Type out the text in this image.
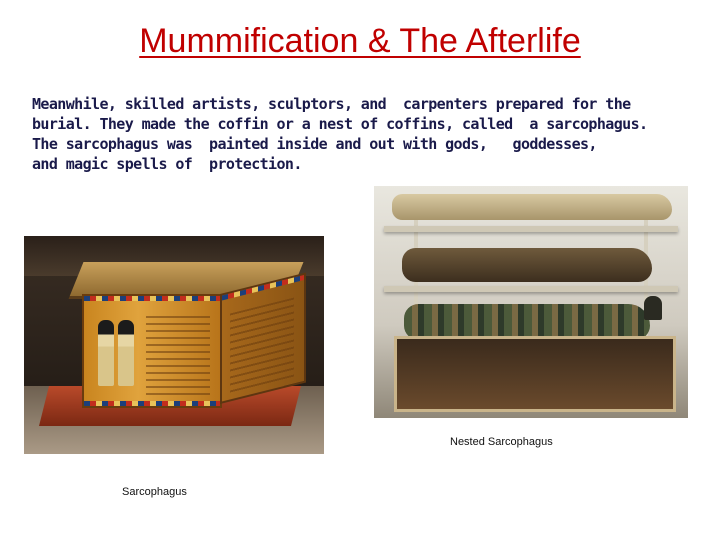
Mummification & The Afterlife
Meanwhile, skilled artists, sculptors, and  carpenters prepared for the
burial. They made the coffin or a nest of coffins, called  a sarcophagus.
The sarcophagus was  painted inside and out with gods,   goddesses,
and magic spells of  protection.
Nested Sarcophagus
Sarcophagus
